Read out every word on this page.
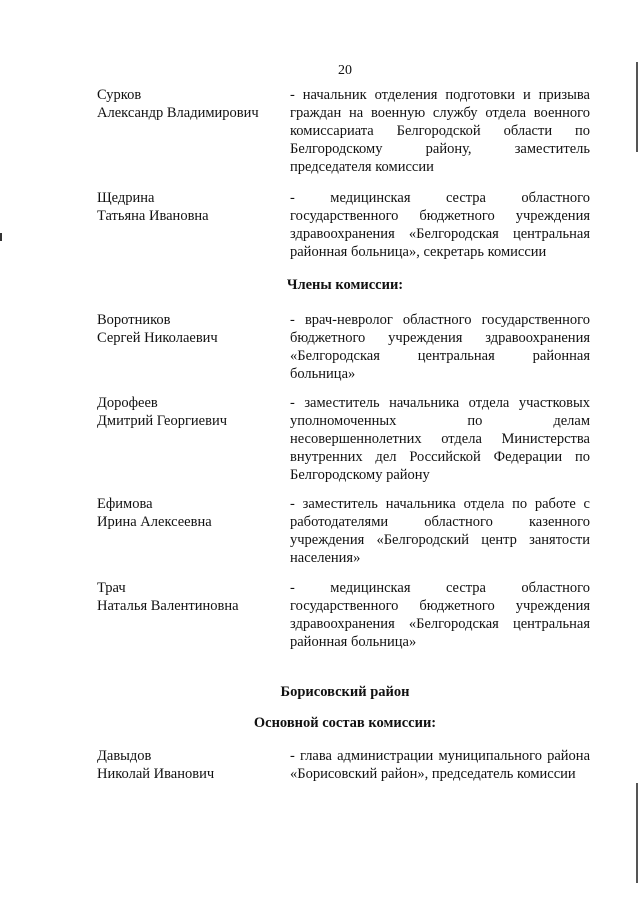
20
Сурков
Александр Владимирович
- начальник отделения подготовки и призыва граждан на военную службу отдела военного комиссариата Белгородской области по Белгородскому району, заместитель председателя комиссии
Щедрина
Татьяна Ивановна
- медицинская сестра областного государственного бюджетного учреждения здравоохранения «Белгородская центральная районная больница», секретарь комиссии
Члены комиссии:
Воротников
Сергей Николаевич
- врач-невролог областного государственного бюджетного учреждения здравоохранения «Белгородская центральная районная больница»
Дорофеев
Дмитрий Георгиевич
- заместитель начальника отдела участковых уполномоченных по делам несовершеннолетних отдела Министерства внутренних дел Российской Федерации по Белгородскому району
Ефимова
Ирина Алексеевна
- заместитель начальника отдела по работе с работодателями областного казенного учреждения «Белгородский центр занятости населения»
Трач
Наталья Валентиновна
- медицинская сестра областного государственного бюджетного учреждения здравоохранения «Белгородская центральная районная больница»
Борисовский район
Основной состав комиссии:
Давыдов
Николай Иванович
- глава администрации муниципального района «Борисовский район», председатель комиссии
